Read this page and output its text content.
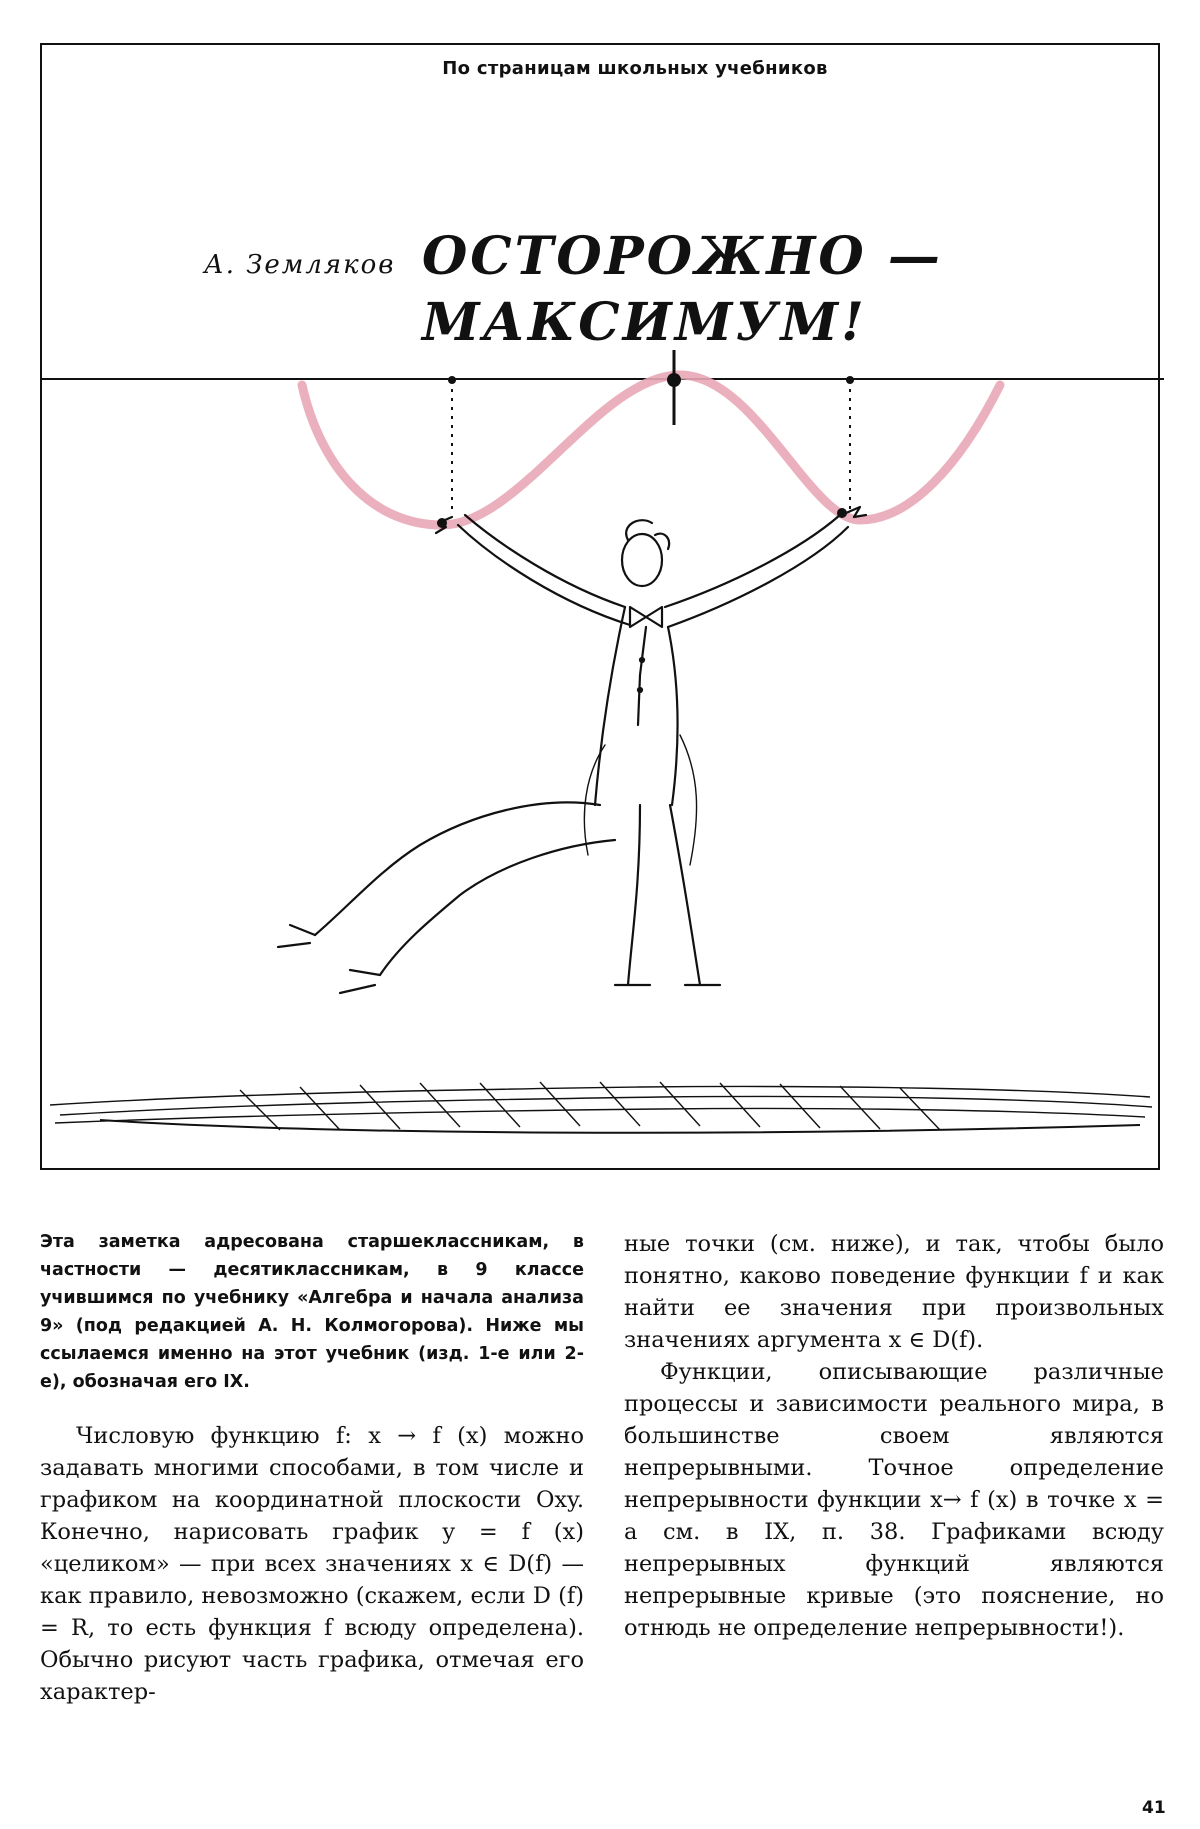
По страницам школьных учебников
А. Земляков ОСТОРОЖНО —
МАКСИМУМ!
Эта заметка адресована старшеклассникам, в частности — десятиклассникам, в 9 классе учившимся по учебнику «Алгебра и начала анализа 9» (под редакцией А. Н. Колмогорова). Ниже мы ссылаемся именно на этот учебник (изд. 1-е или 2-е), обозначая его IX.

Числовую функцию f: x → f (x) можно задавать многими способами, в том числе и графиком на координатной плоскости Oxy. Конечно, нарисовать график y = f (x) «целиком» — при всех значениях x ∈ D(f) — как правило, невозможно (скажем, если D (f) = R, то есть функция f всюду определена). Обычно рисуют часть графика, отмечая его характер-

ные точки (см. ниже), и так, чтобы было понятно, каково поведение функции f и как найти ее значения при произвольных значениях аргумента x ∈ D(f).

Функции, описывающие различные процессы и зависимости реального мира, в большинстве своем являются непрерывными. Точное определение непрерывности функции x→ f (x) в точке x = a см. в IX, п. 38. Графиками всюду непрерывных функций являются непрерывные кривые (это пояснение, но отнюдь не определение непрерывности!).

41
